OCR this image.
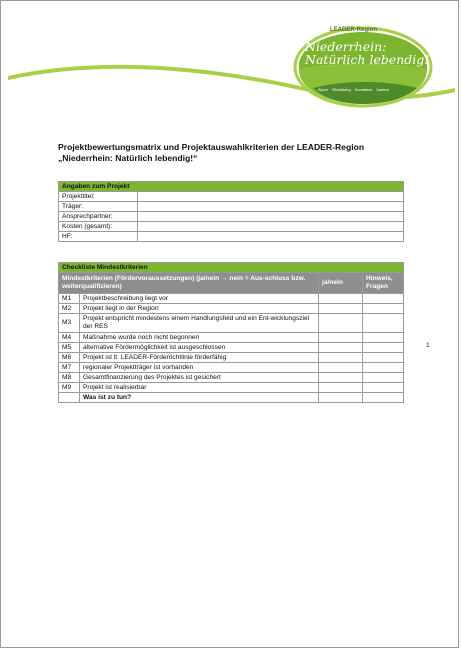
LEADER-Region
Niederrhein:
Natürlich lebendig!
Alpen Rheinberg Sonsbeck Xanten
Projektbewertungsmatrix und Projektauswahlkriterien der LEADER-Region
„Niederrhein: Natürlich lebendig!“
1
Angaben zum Projekt	
Projekttitel:	
Träger:	
Ansprechpartner:	
Kosten (gesamt):	
HF:	
Checkliste Mindestkriterien			
Mindestkriterien (Fördervoraussetzungen) (ja/nein → nein = Aus-schluss bzw. weiterqualifizieren)		ja/nein	Hinweis, Fragen
M1	Projektbeschreibung liegt vor		
M2	Projekt liegt in der Region		
M3	Projekt entspricht mindestens einem Handlungsfeld und ein Ent-wicklungsziel der RES		
M4	Maßnahme wurde noch nicht begonnen		
M5	alternative Fördermöglichkeit ist ausgeschlossen		
M6	Projekt ist lt. LEADER-Förderrichtlinie förderfähig		
M7	regionaler Projektträger ist vorhanden		
M8	Gesamtfinanzierung des Projektes ist gesichert		
M9	Projekt ist realisierbar		
	Was ist zu tun?		
